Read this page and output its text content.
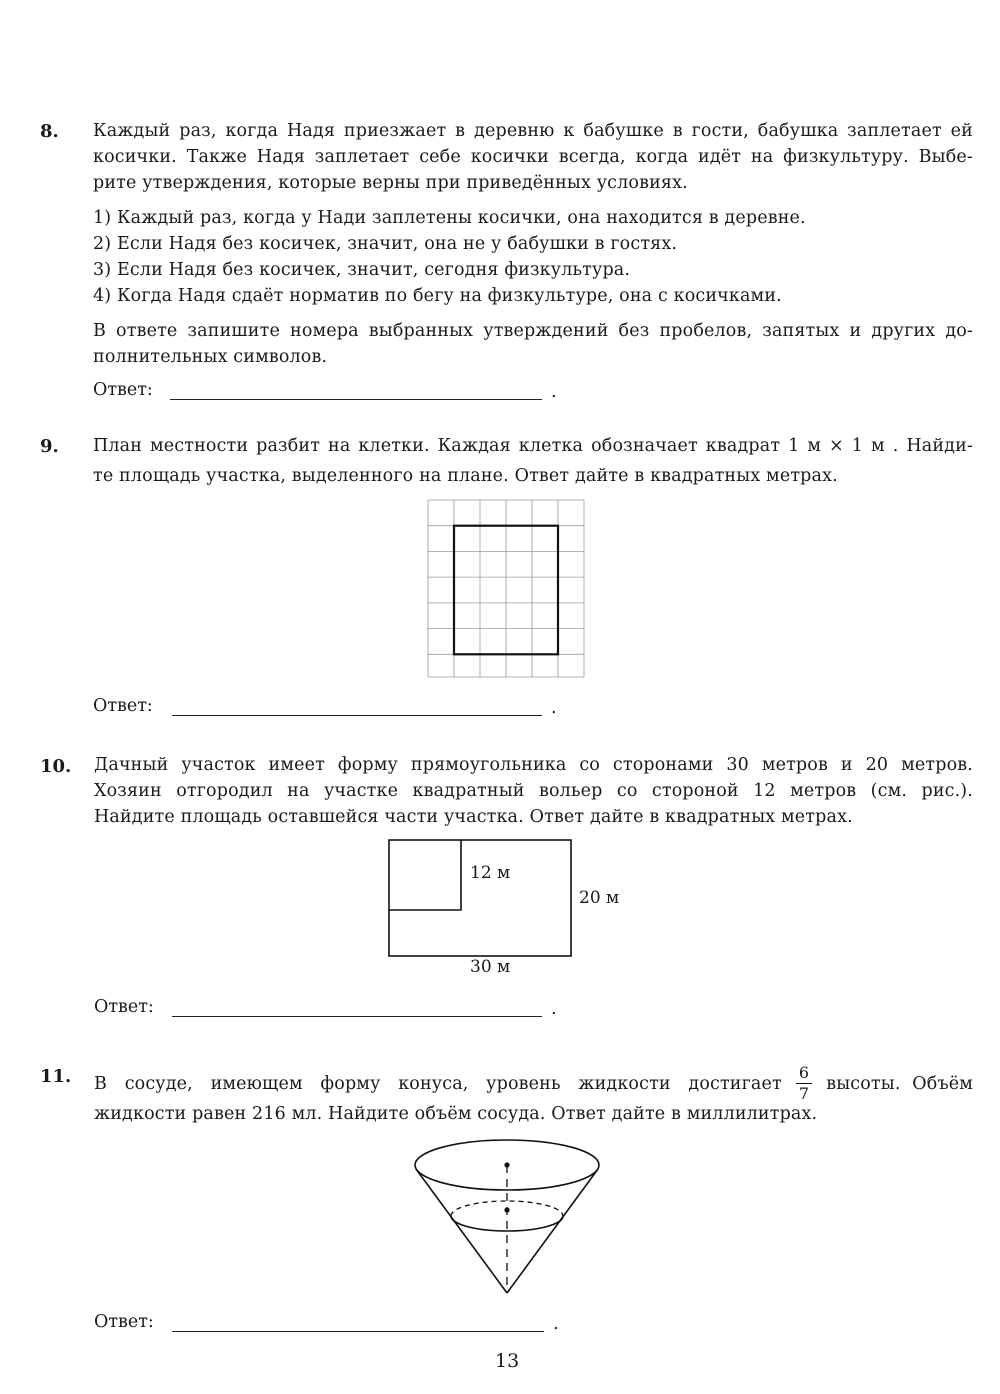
8. Каждый раз, когда Надя приезжает в деревню к бабушке в гости, бабушка заплетает ей
косички. Также Надя заплетает себе косички всегда, когда идёт на физкультуру. Выбе-
рите утверждения, которые верны при приведённых условиях.
1) Каждый раз, когда у Нади заплетены косички, она находится в деревне.
2) Если Надя без косичек, значит, она не у бабушки в гостях.
3) Если Надя без косичек, значит, сегодня физкультура.
4) Когда Надя сдаёт норматив по бегу на физкультуре, она с косичками.
В ответе запишите номера выбранных утверждений без пробелов, запятых и других до-
полнительных символов.
Ответ:	.
9. План местности разбит на клетки. Каждая клетка обозначает квадрат 1 м × 1 м . Найди-
те площадь участка, выделенного на плане. Ответ дайте в квадратных метрах.
Ответ:	.
10. Дачный участок имеет форму прямоугольника со сторонами 30 метров и 20 метров.
Хозяин отгородил на участке квадратный вольер со стороной 12 метров (см. рис.).
Найдите площадь оставшейся части участка. Ответ дайте в квадратных метрах.
12 м
20 м
30 м
Ответ:	.
11. В сосуде, имеющем форму конуса, уровень жидкости достигает $\frac{6}{7}$ высоты. Объём
жидкости равен 216 мл. Найдите объём сосуда. Ответ дайте в миллилитрах.
Ответ:	.
13
